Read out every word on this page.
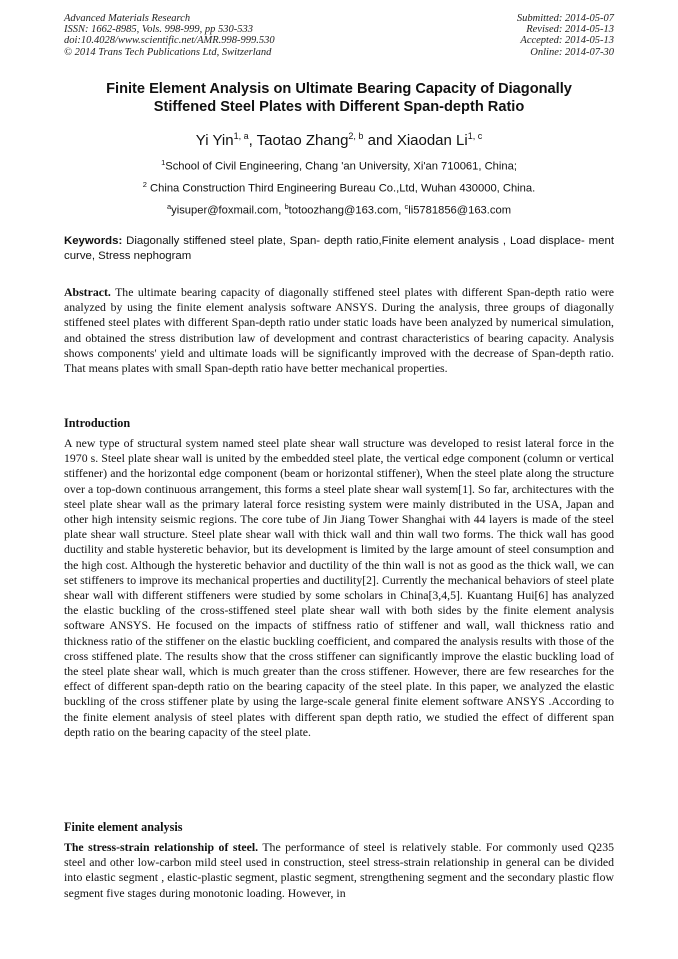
Advanced Materials Research
ISSN: 1662-8985, Vols. 998-999, pp 530-533
doi:10.4028/www.scientific.net/AMR.998-999.530
© 2014 Trans Tech Publications Ltd, Switzerland
Submitted: 2014-05-07
Revised: 2014-05-13
Accepted: 2014-05-13
Online: 2014-07-30
Finite Element Analysis on Ultimate Bearing Capacity of Diagonally
Stiffened Steel Plates with Different Span-depth Ratio
Yi Yin$^{1, a}$, Taotao Zhang$^{2, b}$ and Xiaodan Li$^{1, c}$
$^1$School of Civil Engineering, Chang 'an University, Xi'an 710061, China;
$^2$ China Construction Third Engineering Bureau Co.,Ltd, Wuhan 430000, China.
$^a$yisuper@foxmail.com, $^b$totoozhang@163.com, $^c$li5781856@163.com
Keywords: Diagonally stiffened steel plate, Span- depth ratio,Finite element analysis , Load displace- ment curve, Stress nephogram
Abstract. The ultimate bearing capacity of diagonally stiffened steel plates with different Span-depth ratio were analyzed by using the finite element analysis software ANSYS. During the analysis, three groups of diagonally stiffened steel plates with different Span-depth ratio under static loads have been analyzed by numerical simulation, and obtained the stress distribution law of development and contrast characteristics of bearing capacity. Analysis shows components' yield and ultimate loads will be significantly improved with the decrease of Span-depth ratio. That means plates with small Span-depth ratio have better mechanical properties.
Introduction
A new type of structural system named steel plate shear wall structure was developed to resist lateral force in the 1970 s. Steel plate shear wall is united by the embedded steel plate, the vertical edge component (column or vertical stiffener) and the horizontal edge component (beam or horizontal stiffener), When the steel plate along the structure over a top-down continuous arrangement, this forms a steel plate shear wall system[1]. So far, architectures with the steel plate shear wall as the primary lateral force resisting system were mainly distributed in the USA, Japan and other high intensity seismic regions. The core tube of Jin Jiang Tower Shanghai with 44 layers is made of the steel plate shear wall structure. Steel plate shear wall with thick wall and thin wall two forms. The thick wall has good ductility and stable hysteretic behavior, but its development is limited by the large amount of steel consumption and the high cost. Although the hysteretic behavior and ductility of the thin wall is not as good as the thick wall, we can set stiffeners to improve its mechanical properties and ductility[2]. Currently the mechanical behaviors of steel plate shear wall with different stiffeners were studied by some scholars in China[3,4,5]. Kuantang Hui[6] has analyzed the elastic buckling of the cross-stiffened steel plate shear wall with both sides by the finite element analysis software ANSYS. He focused on the impacts of stiffness ratio of stiffener and wall, wall thickness ratio and thickness ratio of the stiffener on the elastic buckling coefficient, and compared the analysis results with those of the cross stiffened plate. The results show that the cross stiffener can significantly improve the elastic buckling load of the steel plate shear wall, which is much greater than the cross stiffener. However, there are few researches for the effect of different span-depth ratio on the bearing capacity of the steel plate. In this paper, we analyzed the elastic buckling of the cross stiffener plate by using the large-scale general finite element software ANSYS .According to the finite element analysis of steel plates with different span depth ratio, we studied the effect of different span depth ratio on the bearing capacity of the steel plate.
Finite element analysis
The stress-strain relationship of steel. The performance of steel is relatively stable. For commonly used Q235 steel and other low-carbon mild steel used in construction, steel stress-strain relationship in general can be divided into elastic segment , elastic-plastic segment, plastic segment, strengthening segment and the secondary plastic flow segment five stages during monotonic loading. However, in
